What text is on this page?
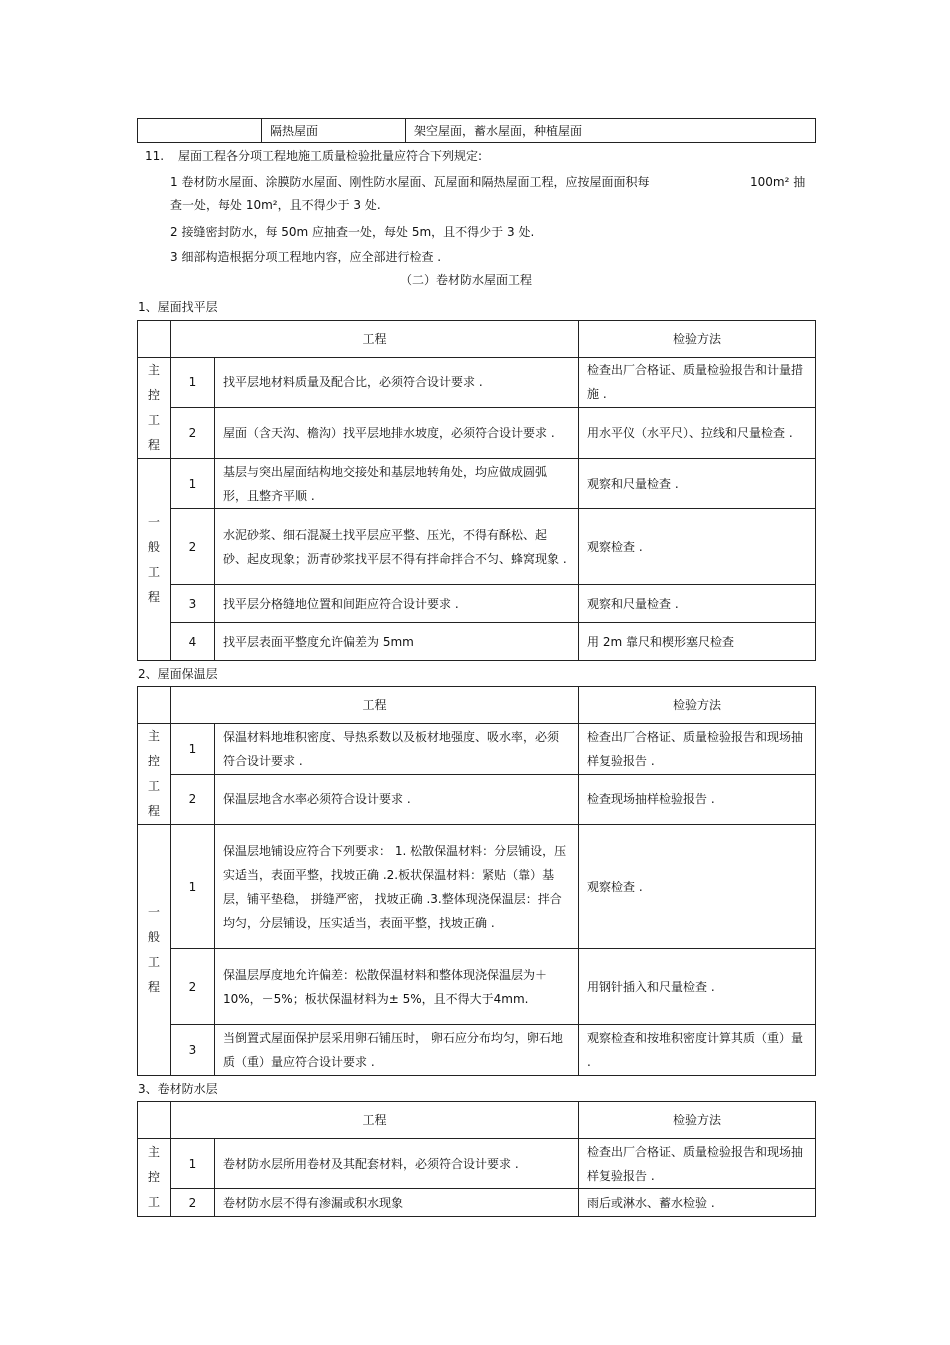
	隔热屋面	架空屋面，蓄水屋面，种植屋面
11. 屋面工程各分项工程地施工质量检验批量应符合下列规定:
1 卷材防水屋面、涂膜防水屋面、刚性防水屋面、瓦屋面和隔热屋面工程，应按屋面面积每	100m² 抽
查一处，每处 10m²，且不得少于 3 处.
2 接缝密封防水，每 50m 应抽查一处，每处 5m，且不得少于 3 处.
3 细部构造根据分项工程地内容，应全部进行检查 .
（二）卷材防水屋面工程
1、屋面找平层
	工程		检验方法
主控工程	1	找平层地材料质量及配合比，必须符合设计要求 .	检查出厂合格证、质量检验报告和计量措施 .
	2	屋面（含天沟、檐沟）找平层地排水坡度，必须符合设计要求 .	用水平仪（水平尺）、拉线和尺量检查 .
一般工程	1	基层与突出屋面结构地交接处和基层地转角处，均应做成圆弧形，且整齐平顺 .	观察和尺量检查 .
	2	水泥砂浆、细石混凝土找平层应平整、压光，不得有酥松、起砂、起皮现象；沥青砂浆找平层不得有拌命拌合不匀、蜂窝现象 .	观察检查 .
	3	找平层分格缝地位置和间距应符合设计要求 .	观察和尺量检查 .
	4	找平层表面平整度允许偏差为 5mm	用 2m 靠尺和楔形塞尺检查
2、屋面保温层
	工程		检验方法
主控工程	1	保温材料地堆积密度、导热系数以及板材地强度、吸水率，必须符合设计要求 .	检查出厂合格证、质量检验报告和现场抽样复验报告 .
	2	保温层地含水率必须符合设计要求 .	检查现场抽样检验报告 .
一般工程	1	保温层地铺设应符合下列要求： 1. 松散保温材料：分层铺设，压实适当，表面平整，找坡正确 .2.板状保温材料：紧贴（靠）基层，铺平垫稳， 拼缝严密， 找坡正确 .3.整体现浇保温层：拌合均匀，分层铺设，压实适当，表面平整，找坡正确 .	观察检查 .
	2	保温层厚度地允许偏差：松散保温材料和整体现浇保温层为＋ 10%，－5%；板状保温材料为± 5%，且不得大于4mm.	用钢针插入和尺量检查 .
	3	当倒置式屋面保护层采用卵石铺压时， 卵石应分布均匀，卵石地质（重）量应符合设计要求 .	观察检查和按堆积密度计算其质（重）量 .
3、卷材防水层
	工程		检验方法
主控工	1	卷材防水层所用卷材及其配套材料，必须符合设计要求 .	检查出厂合格证、质量检验报告和现场抽样复验报告 .
	2	卷材防水层不得有渗漏或积水现象	雨后或淋水、蓄水检验 .
